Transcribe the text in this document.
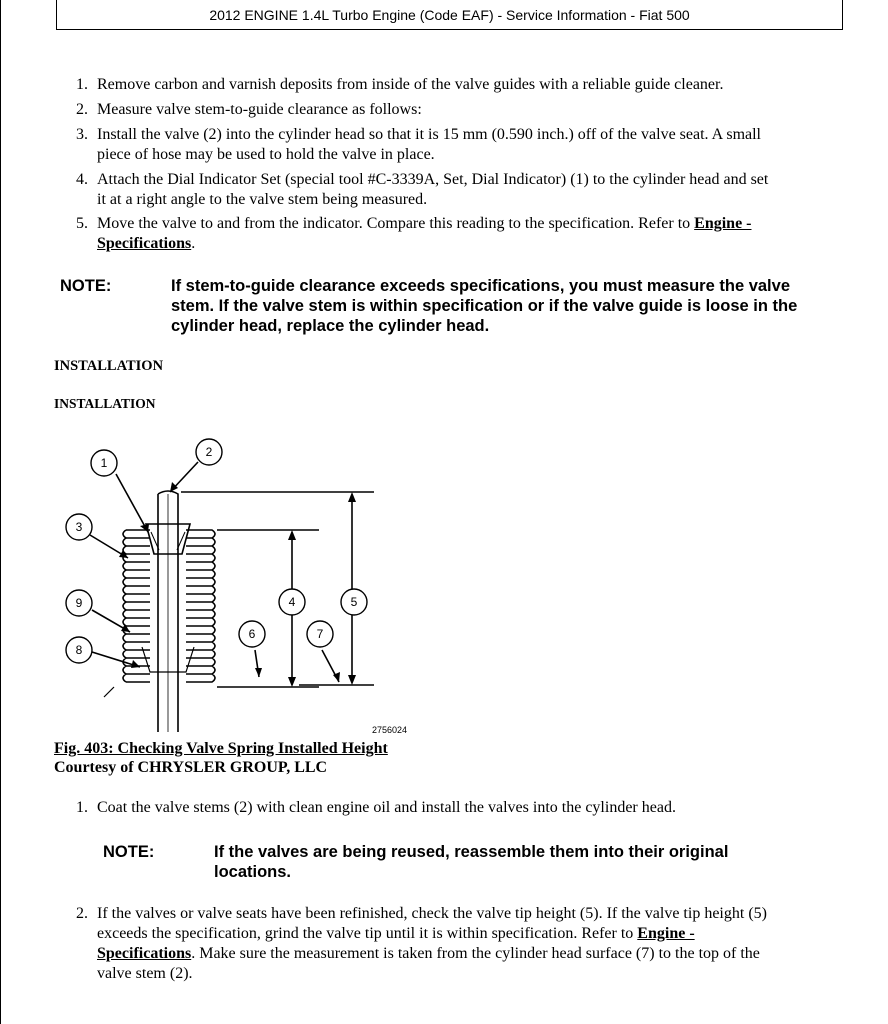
2012 ENGINE 1.4L Turbo Engine (Code EAF) - Service Information - Fiat 500
1. Remove carbon and varnish deposits from inside of the valve guides with a reliable guide cleaner.
2. Measure valve stem-to-guide clearance as follows:
3. Install the valve (2) into the cylinder head so that it is 15 mm (0.590 inch.) off of the valve seat. A small
piece of hose may be used to hold the valve in place.
4. Attach the Dial Indicator Set (special tool #C-3339A, Set, Dial Indicator) (1) to the cylinder head and set
it at a right angle to the valve stem being measured.
5. Move the valve to and from the indicator. Compare this reading to the specification. Refer to Engine -
Specifications.
NOTE:	If stem-to-guide clearance exceeds specifications, you must measure the valve
stem. If the valve stem is within specification or if the valve guide is loose in the
cylinder head, replace the cylinder head.
INSTALLATION
INSTALLATION
1
2
3
9
8
4	5
6	7
2756024
Fig. 403: Checking Valve Spring Installed Height
Courtesy of CHRYSLER GROUP, LLC
1. Coat the valve stems (2) with clean engine oil and install the valves into the cylinder head.
NOTE:	If the valves are being reused, reassemble them into their original
locations.
2. If the valves or valve seats have been refinished, check the valve tip height (5). If the valve tip height (5)
exceeds the specification, grind the valve tip until it is within specification. Refer to Engine -
Specifications. Make sure the measurement is taken from the cylinder head surface (7) to the top of the
valve stem (2).
